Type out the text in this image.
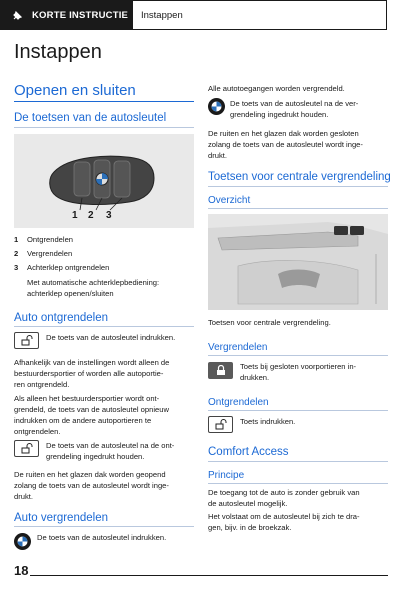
KORTE INSTRUCTIE Instappen
Instappen
Openen en sluiten
De toetsen van de autosleutel
1 2 3
1 Ontgrendelen
2 Vergrendelen
3 Achterklep ontgrendelen
Met automatische achterklepbediening:
achterklep openen/sluiten
Auto ontgrendelen
De toets van de autosleutel indrukken.
Afhankelijk van de instellingen wordt alleen de
bestuurdersportier of worden alle autoportie-
ren ontgrendeld.
Als alleen het bestuurdersportier wordt ont-
grendeld, de toets van de autosleutel opnieuw
indrukken om de andere autoportieren te
ontgrendelen.
De toets van de autosleutel na de ont-
grendeling ingedrukt houden.
De ruiten en het glazen dak worden geopend
zolang de toets van de autosleutel wordt inge-
drukt.
Auto vergrendelen
De toets van de autosleutel indrukken.
Alle autotoegangen worden vergrendeld.
De toets van de autosleutel na de ver-
grendeling ingedrukt houden.
De ruiten en het glazen dak worden gesloten
zolang de toets van de autosleutel wordt inge-
drukt.
Toetsen voor centrale vergrendeling
Overzicht
Toetsen voor centrale vergrendeling.
Vergrendelen
Toets bij gesloten voorportieren in-
drukken.
Ontgrendelen
Toets indrukken.
Comfort Access
Principe
De toegang tot de auto is zonder gebruik van
de autosleutel mogelijk.
Het volstaat om de autosleutel bij zich te dra-
gen, bijv. in de broekzak.
18
